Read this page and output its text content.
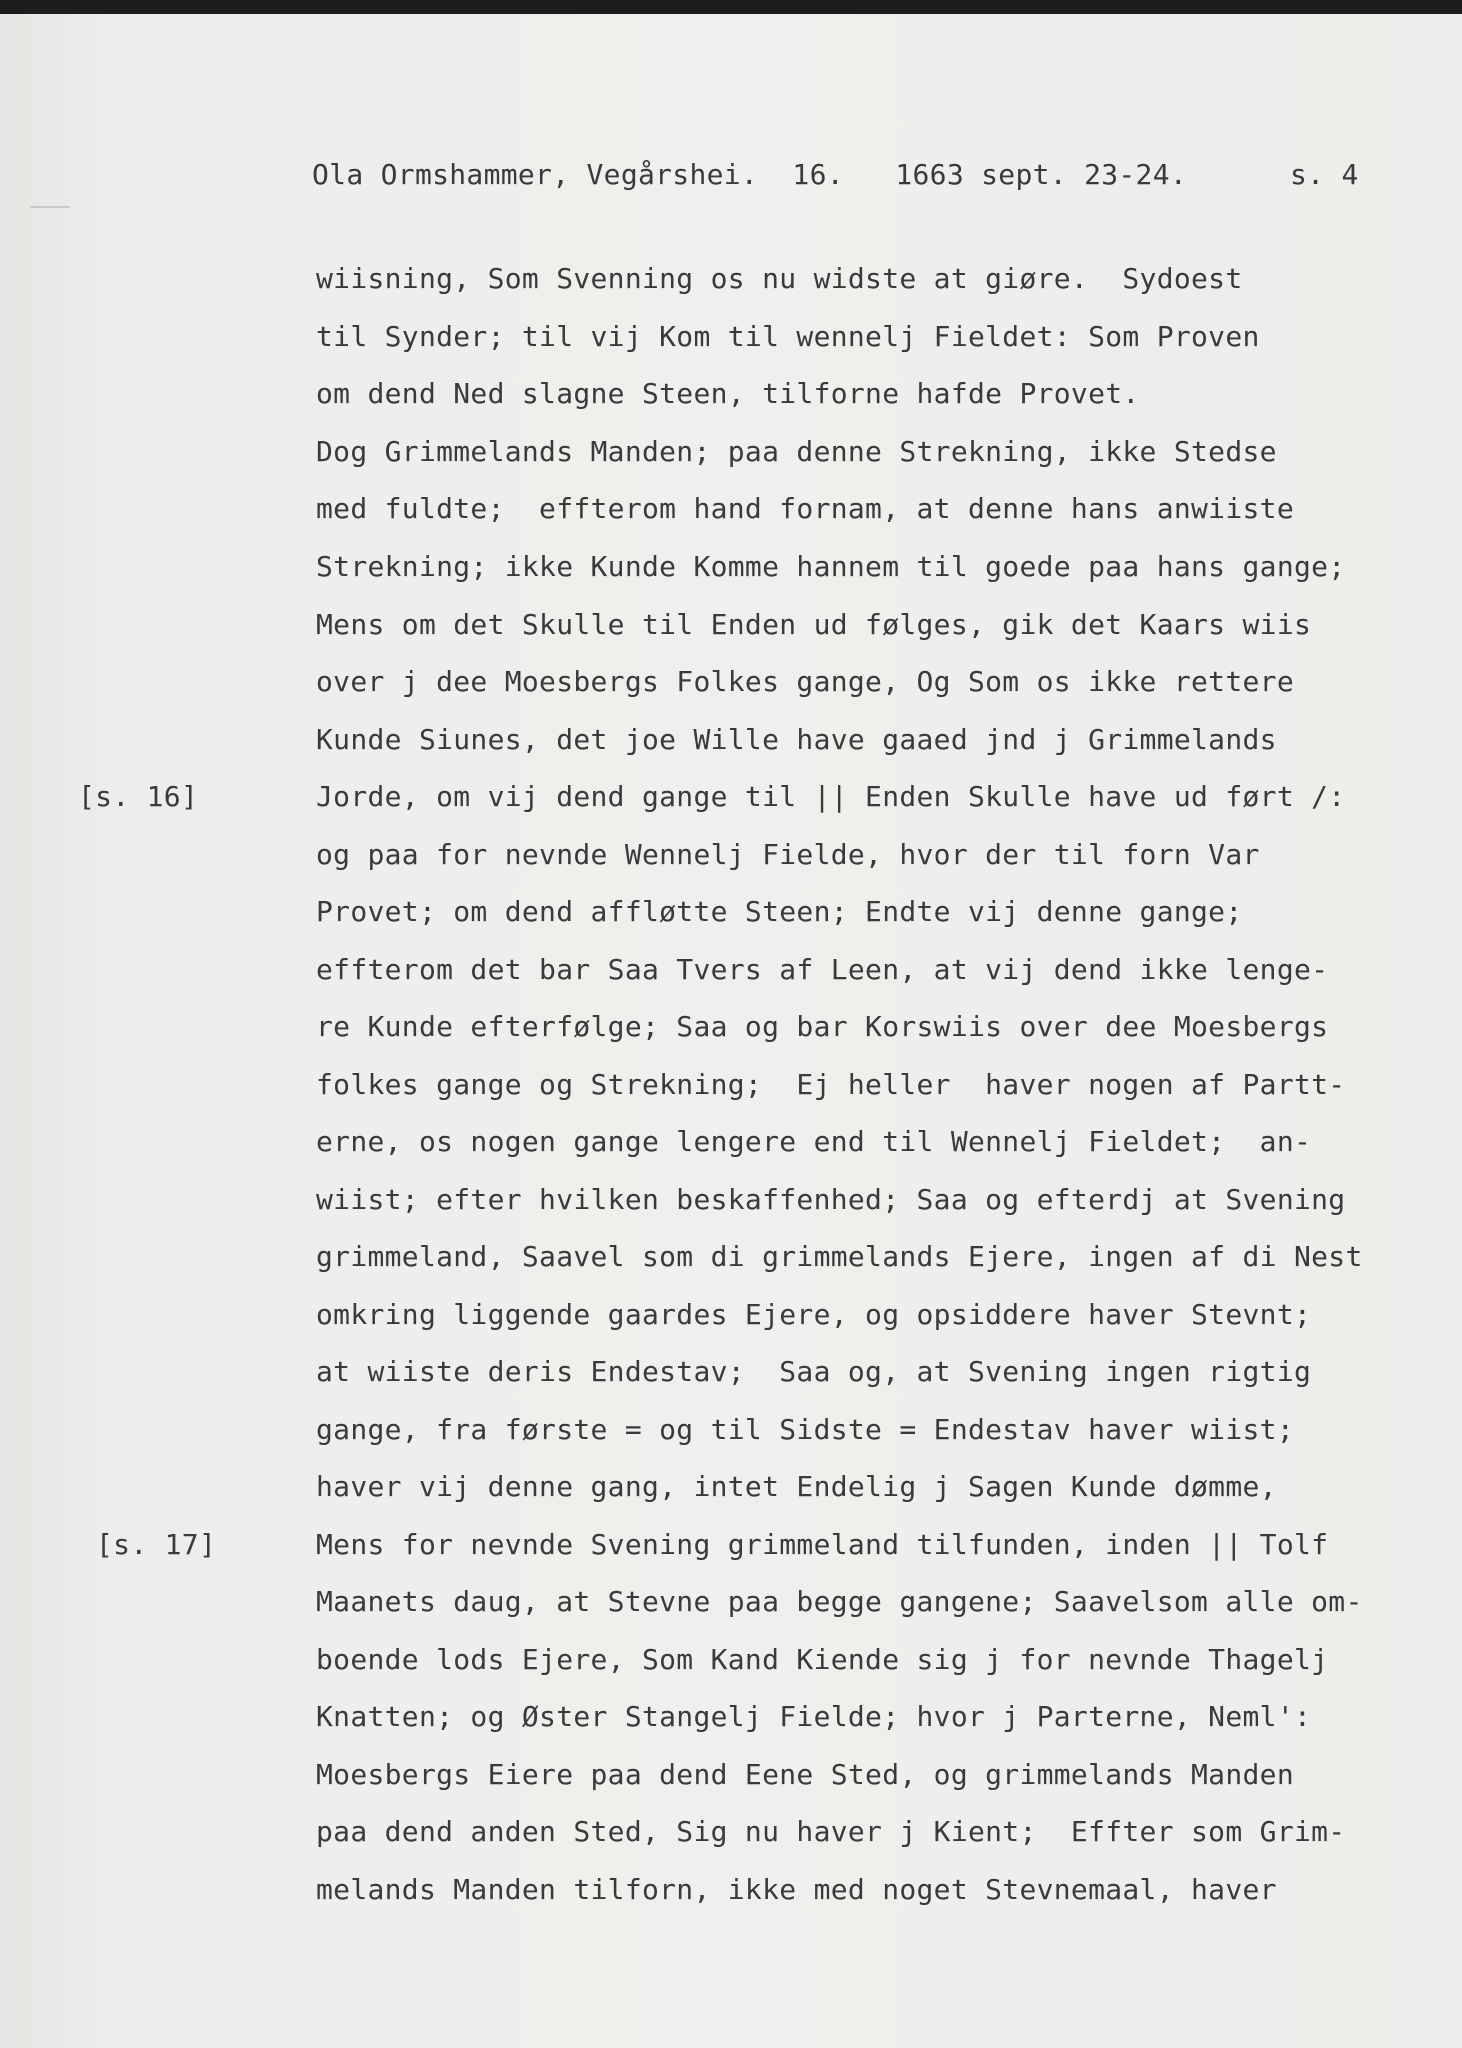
Ola Ormshammer, Vegårshei.  16.   1663 sept. 23-24.      s. 4
wiisning, Som Svenning os nu widste at giøre.  Sydoest
til Synder; til vij Kom til wennelj Fieldet: Som Proven
om dend Ned slagne Steen, tilforne hafde Provet.
Dog Grimmelands Manden; paa denne Strekning, ikke Stedse
med fuldte;  effterom hand fornam, at denne hans anwiiste
Strekning; ikke Kunde Komme hannem til goede paa hans gange;
Mens om det Skulle til Enden ud følges, gik det Kaars wiis
over j dee Moesbergs Folkes gange, Og Som os ikke rettere
Kunde Siunes, det joe Wille have gaaed jnd j Grimmelands
Jorde, om vij dend gange til || Enden Skulle have ud ført /:
og paa for nevnde Wennelj Fielde, hvor der til forn Var
Provet; om dend affløtte Steen; Endte vij denne gange;
effterom det bar Saa Tvers af Leen, at vij dend ikke lenge-
re Kunde efterfølge; Saa og bar Korswiis over dee Moesbergs
folkes gange og Strekning;  Ej heller  haver nogen af Partt-
erne, os nogen gange lengere end til Wennelj Fieldet;  an-
wiist; efter hvilken beskaffenhed; Saa og efterdj at Svening
grimmeland, Saavel som di grimmelands Ejere, ingen af di Nest
omkring liggende gaardes Ejere, og opsiddere haver Stevnt;
at wiiste deris Endestav;  Saa og, at Svening ingen rigtig
gange, fra første = og til Sidste = Endestav haver wiist;
haver vij denne gang, intet Endelig j Sagen Kunde dømme,
Mens for nevnde Svening grimmeland tilfunden, inden || Tolf
Maanets daug, at Stevne paa begge gangene; Saavelsom alle om-
boende lods Ejere, Som Kand Kiende sig j for nevnde Thagelj
Knatten; og Øster Stangelj Fielde; hvor j Parterne, Neml':
Moesbergs Eiere paa dend Eene Sted, og grimmelands Manden
paa dend anden Sted, Sig nu haver j Kient;  Effter som Grim-
melands Manden tilforn, ikke med noget Stevnemaal, haver
[s. 16]
[s. 17]
